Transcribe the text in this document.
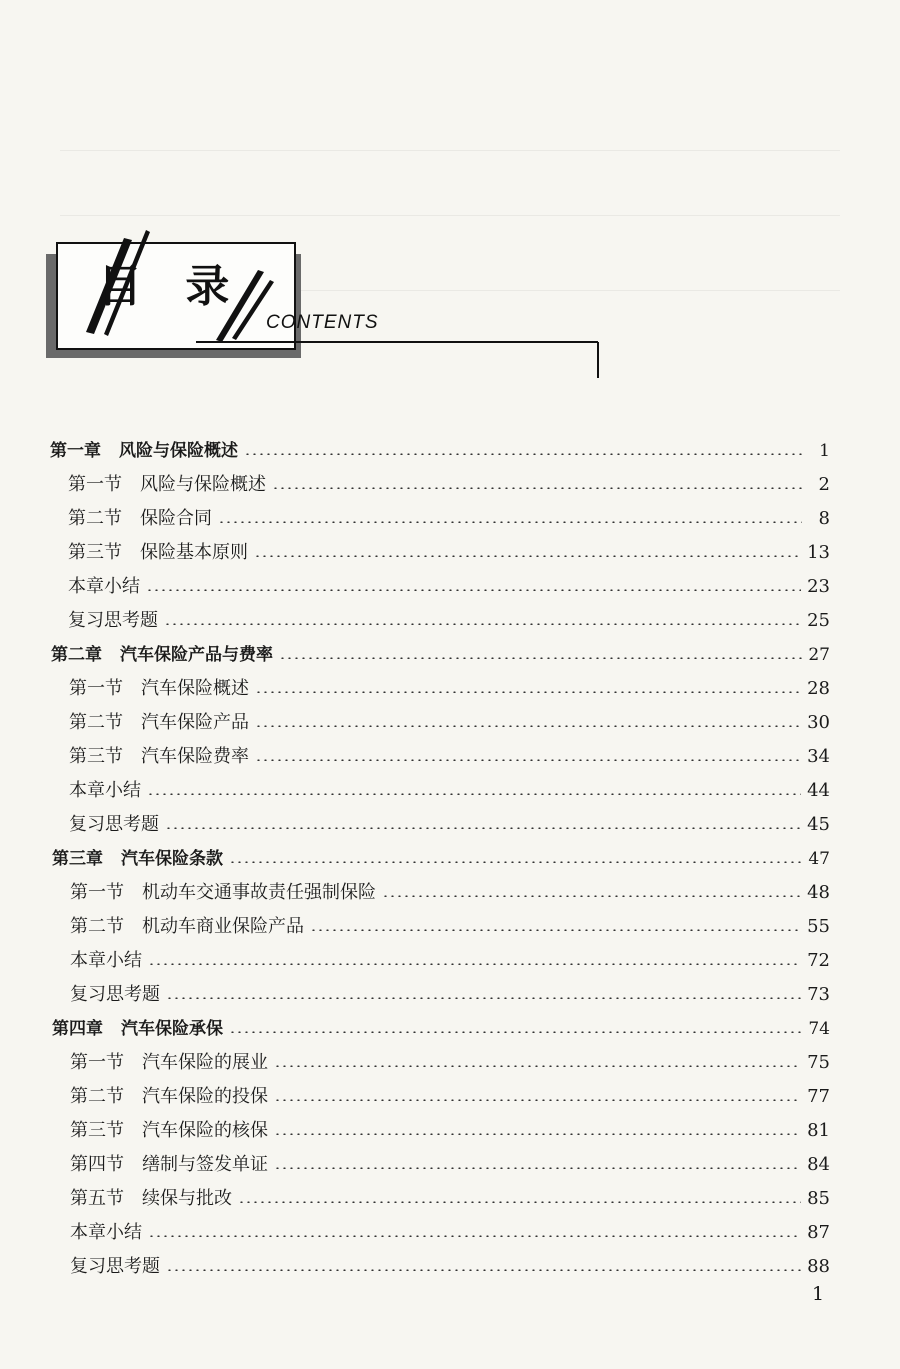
目 录
CONTENTS
第一章 风险与保险概述	1
第一节 风险与保险概述	2
第二节 保险合同	8
第三节 保险基本原则	13
本章小结	23
复习思考题	25
第二章 汽车保险产品与费率	27
第一节 汽车保险概述	28
第二节 汽车保险产品	30
第三节 汽车保险费率	34
本章小结	44
复习思考题	45
第三章 汽车保险条款	47
第一节 机动车交通事故责任强制保险	48
第二节 机动车商业保险产品	55
本章小结	72
复习思考题	73
第四章 汽车保险承保	74
第一节 汽车保险的展业	75
第二节 汽车保险的投保	77
第三节 汽车保险的核保	81
第四节 缮制与签发单证	84
第五节 续保与批改	85
本章小结	87
复习思考题	88
1
